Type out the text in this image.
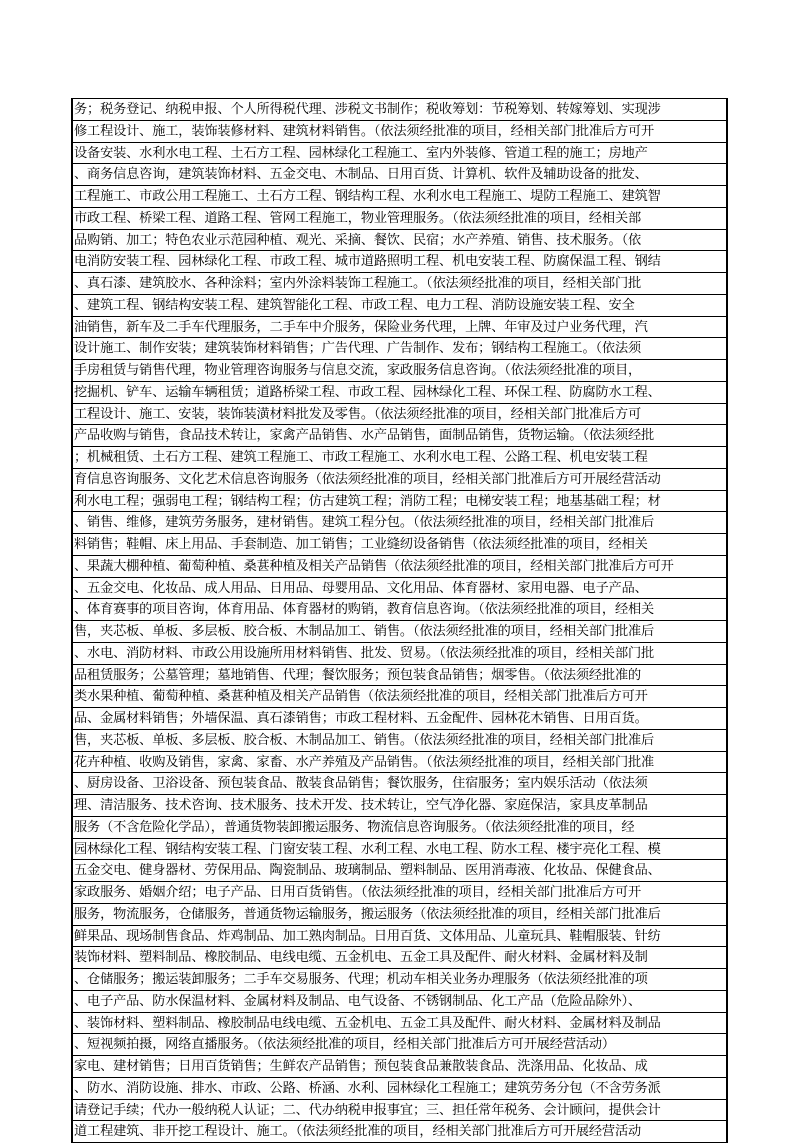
务；税务登记、纳税申报、个人所得税代理、涉税文书制作；税收筹划：节税筹划、转嫁筹划、实现涉
修工程设计、施工，装饰装修材料、建筑材料销售。（依法须经批准的项目，经相关部门批准后方可开
设备安装、水利水电工程、土石方工程、园林绿化工程施工、室内外装修、管道工程的施工；房地产
、商务信息咨询，建筑装饰材料、五金交电、木制品、日用百货、计算机、软件及辅助设备的批发、
工程施工、市政公用工程施工、土石方工程、钢结构工程、水利水电工程施工、堤防工程施工、建筑智
市政工程、桥梁工程、道路工程、管网工程施工，物业管理服务。（依法须经批准的项目，经相关部
品购销、加工；特色农业示范园种植、观光、采摘、餐饮、民宿；水产养殖、销售、技术服务。（依
电消防安装工程、园林绿化工程、市政工程、城市道路照明工程、机电安装工程、防腐保温工程、钢结
、真石漆、建筑胶水、各种涂料；室内外涂料装饰工程施工。（依法须经批准的项目，经相关部门批
、建筑工程、钢结构安装工程、建筑智能化工程、市政工程、电力工程、消防设施安装工程、安全
油销售，新车及二手车代理服务，二手车中介服务，保险业务代理，上牌、年审及过户业务代理，汽
设计施工、制作安装；建筑装饰材料销售；广告代理、广告制作、发布；钢结构工程施工。（依法须
手房租赁与销售代理，物业管理咨询服务与信息交流，家政服务信息咨询。（依法须经批准的项目，
挖掘机、铲车、运输车辆租赁；道路桥梁工程、市政工程、园林绿化工程、环保工程、防腐防水工程、
工程设计、施工、安装，装饰装潢材料批发及零售。（依法须经批准的项目，经相关部门批准后方可
产品收购与销售，食品技术转让，家禽产品销售、水产品销售，面制品销售，货物运输。（依法须经批
；机械租赁、土石方工程、建筑工程施工、市政工程施工、水利水电工程、公路工程、机电安装工程
育信息咨询服务、文化艺术信息咨询服务（依法须经批准的项目，经相关部门批准后方可开展经营活动
利水电工程；强弱电工程；钢结构工程；仿古建筑工程；消防工程；电梯安装工程；地基基础工程；材
、销售、维修，建筑劳务服务，建材销售。建筑工程分包。（依法须经批准的项目，经相关部门批准后
料销售；鞋帽、床上用品、手套制造、加工销售；工业缝纫设备销售（依法须经批准的项目，经相关
、果蔬大棚种植、葡萄种植、桑葚种植及相关产品销售（依法须经批准的项目，经相关部门批准后方可开
、五金交电、化妆品、成人用品、日用品、母婴用品、文化用品、体育器材、家用电器、电子产品、
、体育赛事的项目咨询，体育用品、体育器材的购销，教育信息咨询。（依法须经批准的项目，经相关
售，夹芯板、单板、多层板、胶合板、木制品加工、销售。（依法须经批准的项目，经相关部门批准后
、水电、消防材料、市政公用设施所用材料销售、批发、贸易。（依法须经批准的项目，经相关部门批
品租赁服务；公墓管理；墓地销售、代理；餐饮服务；预包装食品销售；烟零售。（依法须经批准的
类水果种植、葡萄种植、桑葚种植及相关产品销售（依法须经批准的项目，经相关部门批准后方可开
品、金属材料销售；外墙保温、真石漆销售；市政工程材料、五金配件、园林花木销售、日用百货。
售，夹芯板、单板、多层板、胶合板、木制品加工、销售。（依法须经批准的项目，经相关部门批准后
花卉种植、收购及销售，家禽、家畜、水产养殖及产品销售。（依法须经批准的项目，经相关部门批准
、厨房设备、卫浴设备、预包装食品、散装食品销售；餐饮服务，住宿服务；室内娱乐活动（依法须
理、清洁服务、技术咨询、技术服务、技术开发、技术转让，空气净化器、家庭保洁，家具皮革制品
服务（不含危险化学品），普通货物装卸搬运服务、物流信息咨询服务。（依法须经批准的项目，经
园林绿化工程、钢结构安装工程、门窗安装工程、水利工程、水电工程、防水工程、楼宇亮化工程、模
五金交电、健身器材、劳保用品、陶瓷制品、玻璃制品、塑料制品、医用消毒液、化妆品、保健食品、
家政服务、婚姻介绍；电子产品、日用百货销售。（依法须经批准的项目，经相关部门批准后方可开
服务，物流服务，仓储服务，普通货物运输服务，搬运服务（依法须经批准的项目，经相关部门批准后
鲜果品、现场制售食品、炸鸡制品、加工熟肉制品。日用百货、文体用品、儿童玩具、鞋帽服装、针纺
装饰材料、塑料制品、橡胶制品、电线电缆、五金机电、五金工具及配件、耐火材料、金属材料及制
、仓储服务；搬运装卸服务；二手车交易服务、代理；机动车相关业务办理服务（依法须经批准的项
、电子产品、防水保温材料、金属材料及制品、电气设备、不锈钢制品、化工产品（危险品除外）、
、装饰材料、塑料制品、橡胶制品电线电缆、五金机电、五金工具及配件、耐火材料、金属材料及制品
、短视频拍摄，网络直播服务。（依法须经批准的项目，经相关部门批准后方可开展经营活动）
家电、建材销售；日用百货销售；生鲜农产品销售；预包装食品兼散装食品、洗涤用品、化妆品、成
、防水、消防设施、排水、市政、公路、桥涵、水利、园林绿化工程施工；建筑劳务分包（不含劳务派
请登记手续；代办一般纳税人认证；二、代办纳税申报事宜；三、担任常年税务、会计顾问，提供会计
道工程建筑、非开挖工程设计、施工。（依法须经批准的项目，经相关部门批准后方可开展经营活动
